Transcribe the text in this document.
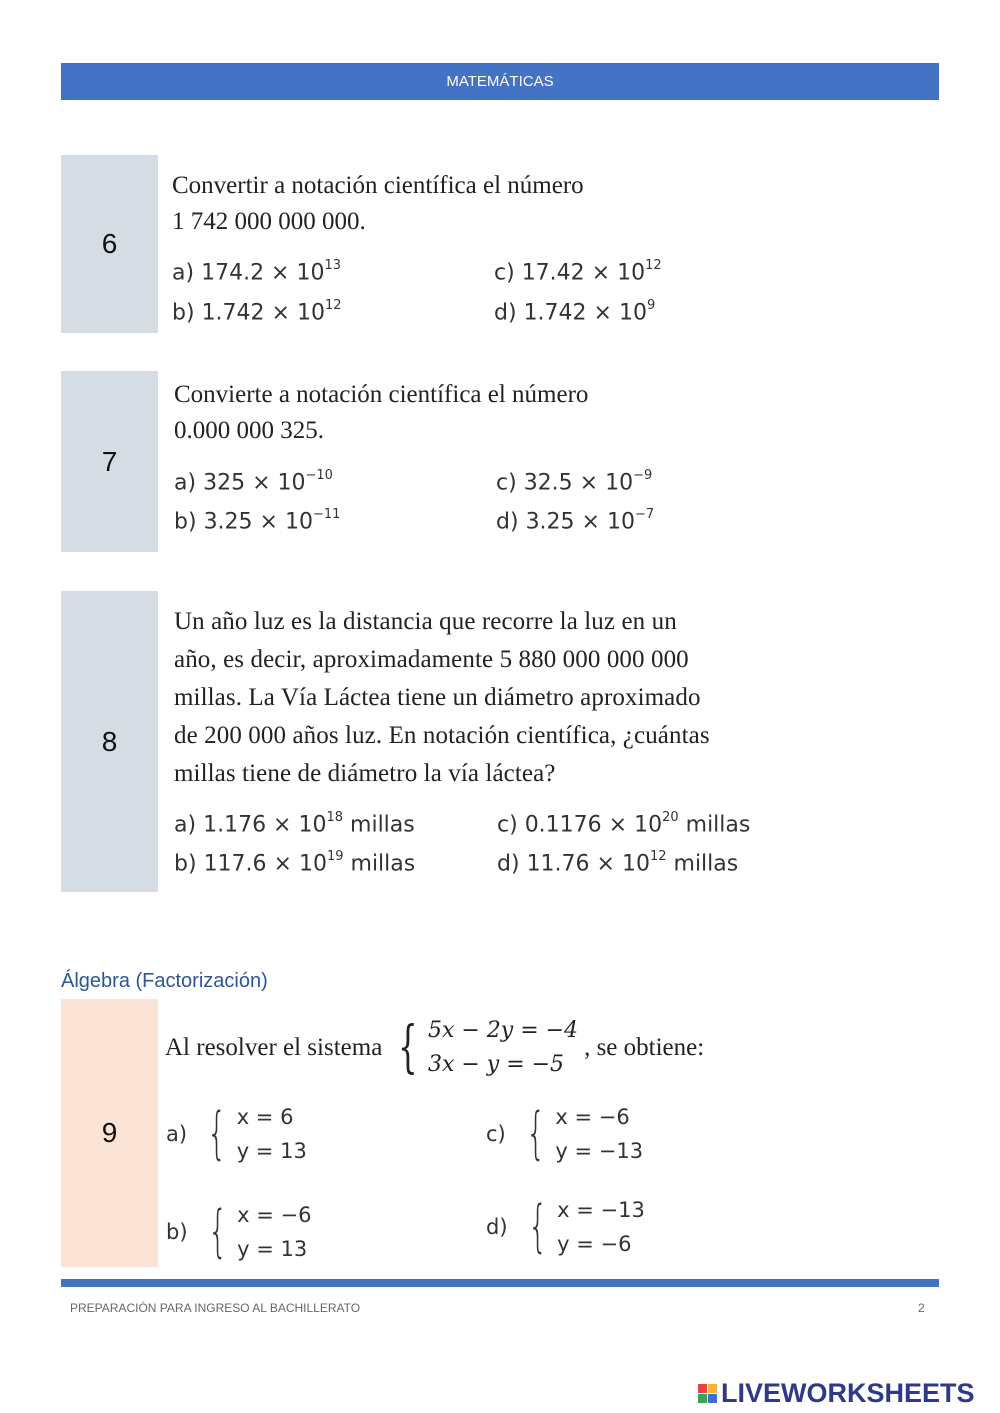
MATEMÁTICAS
6
Convertir a notación científica el número
1 742 000 000 000.
a) $174.2 \times 10^{13}$
b) $1.742 \times 10^{12}$
c) $17.42 \times 10^{12}$
d) $1.742 \times 10^9$
7
Convierte a notación científica el número
0.000 000 325.
a) $325 \times 10^{-10}$
b) $3.25 \times 10^{-11}$
c) $32.5 \times 10^{-9}$
d) $3.25 \times 10^{-7}$
8
Un año luz es la distancia que recorre la luz en un
año, es decir, aproximadamente 5 880 000 000 000
millas. La Vía Láctea tiene un diámetro aproximado
de 200 000 años luz. En notación científica, ¿cuántas
millas tiene de diámetro la vía láctea?
a) $1.176 \times 10^{18}$ millas
b) $117.6 \times 10^{19}$ millas
c) $0.1176 \times 10^{20}$ millas
d) $11.76 \times 10^{12}$ millas
Álgebra (Factorización)
9
Al resolver el sistema { 5x − 2y = −4
3x − y = −5
, se obtiene:
a) { x = 6
y = 13
b) { x = −6
y = 13
c) { x = −6
y = −13
d) { x = −13
y = −6
PREPARACIÓN PARA INGRESO AL BACHILLERATO	2
LIVEWORKSHEETS
